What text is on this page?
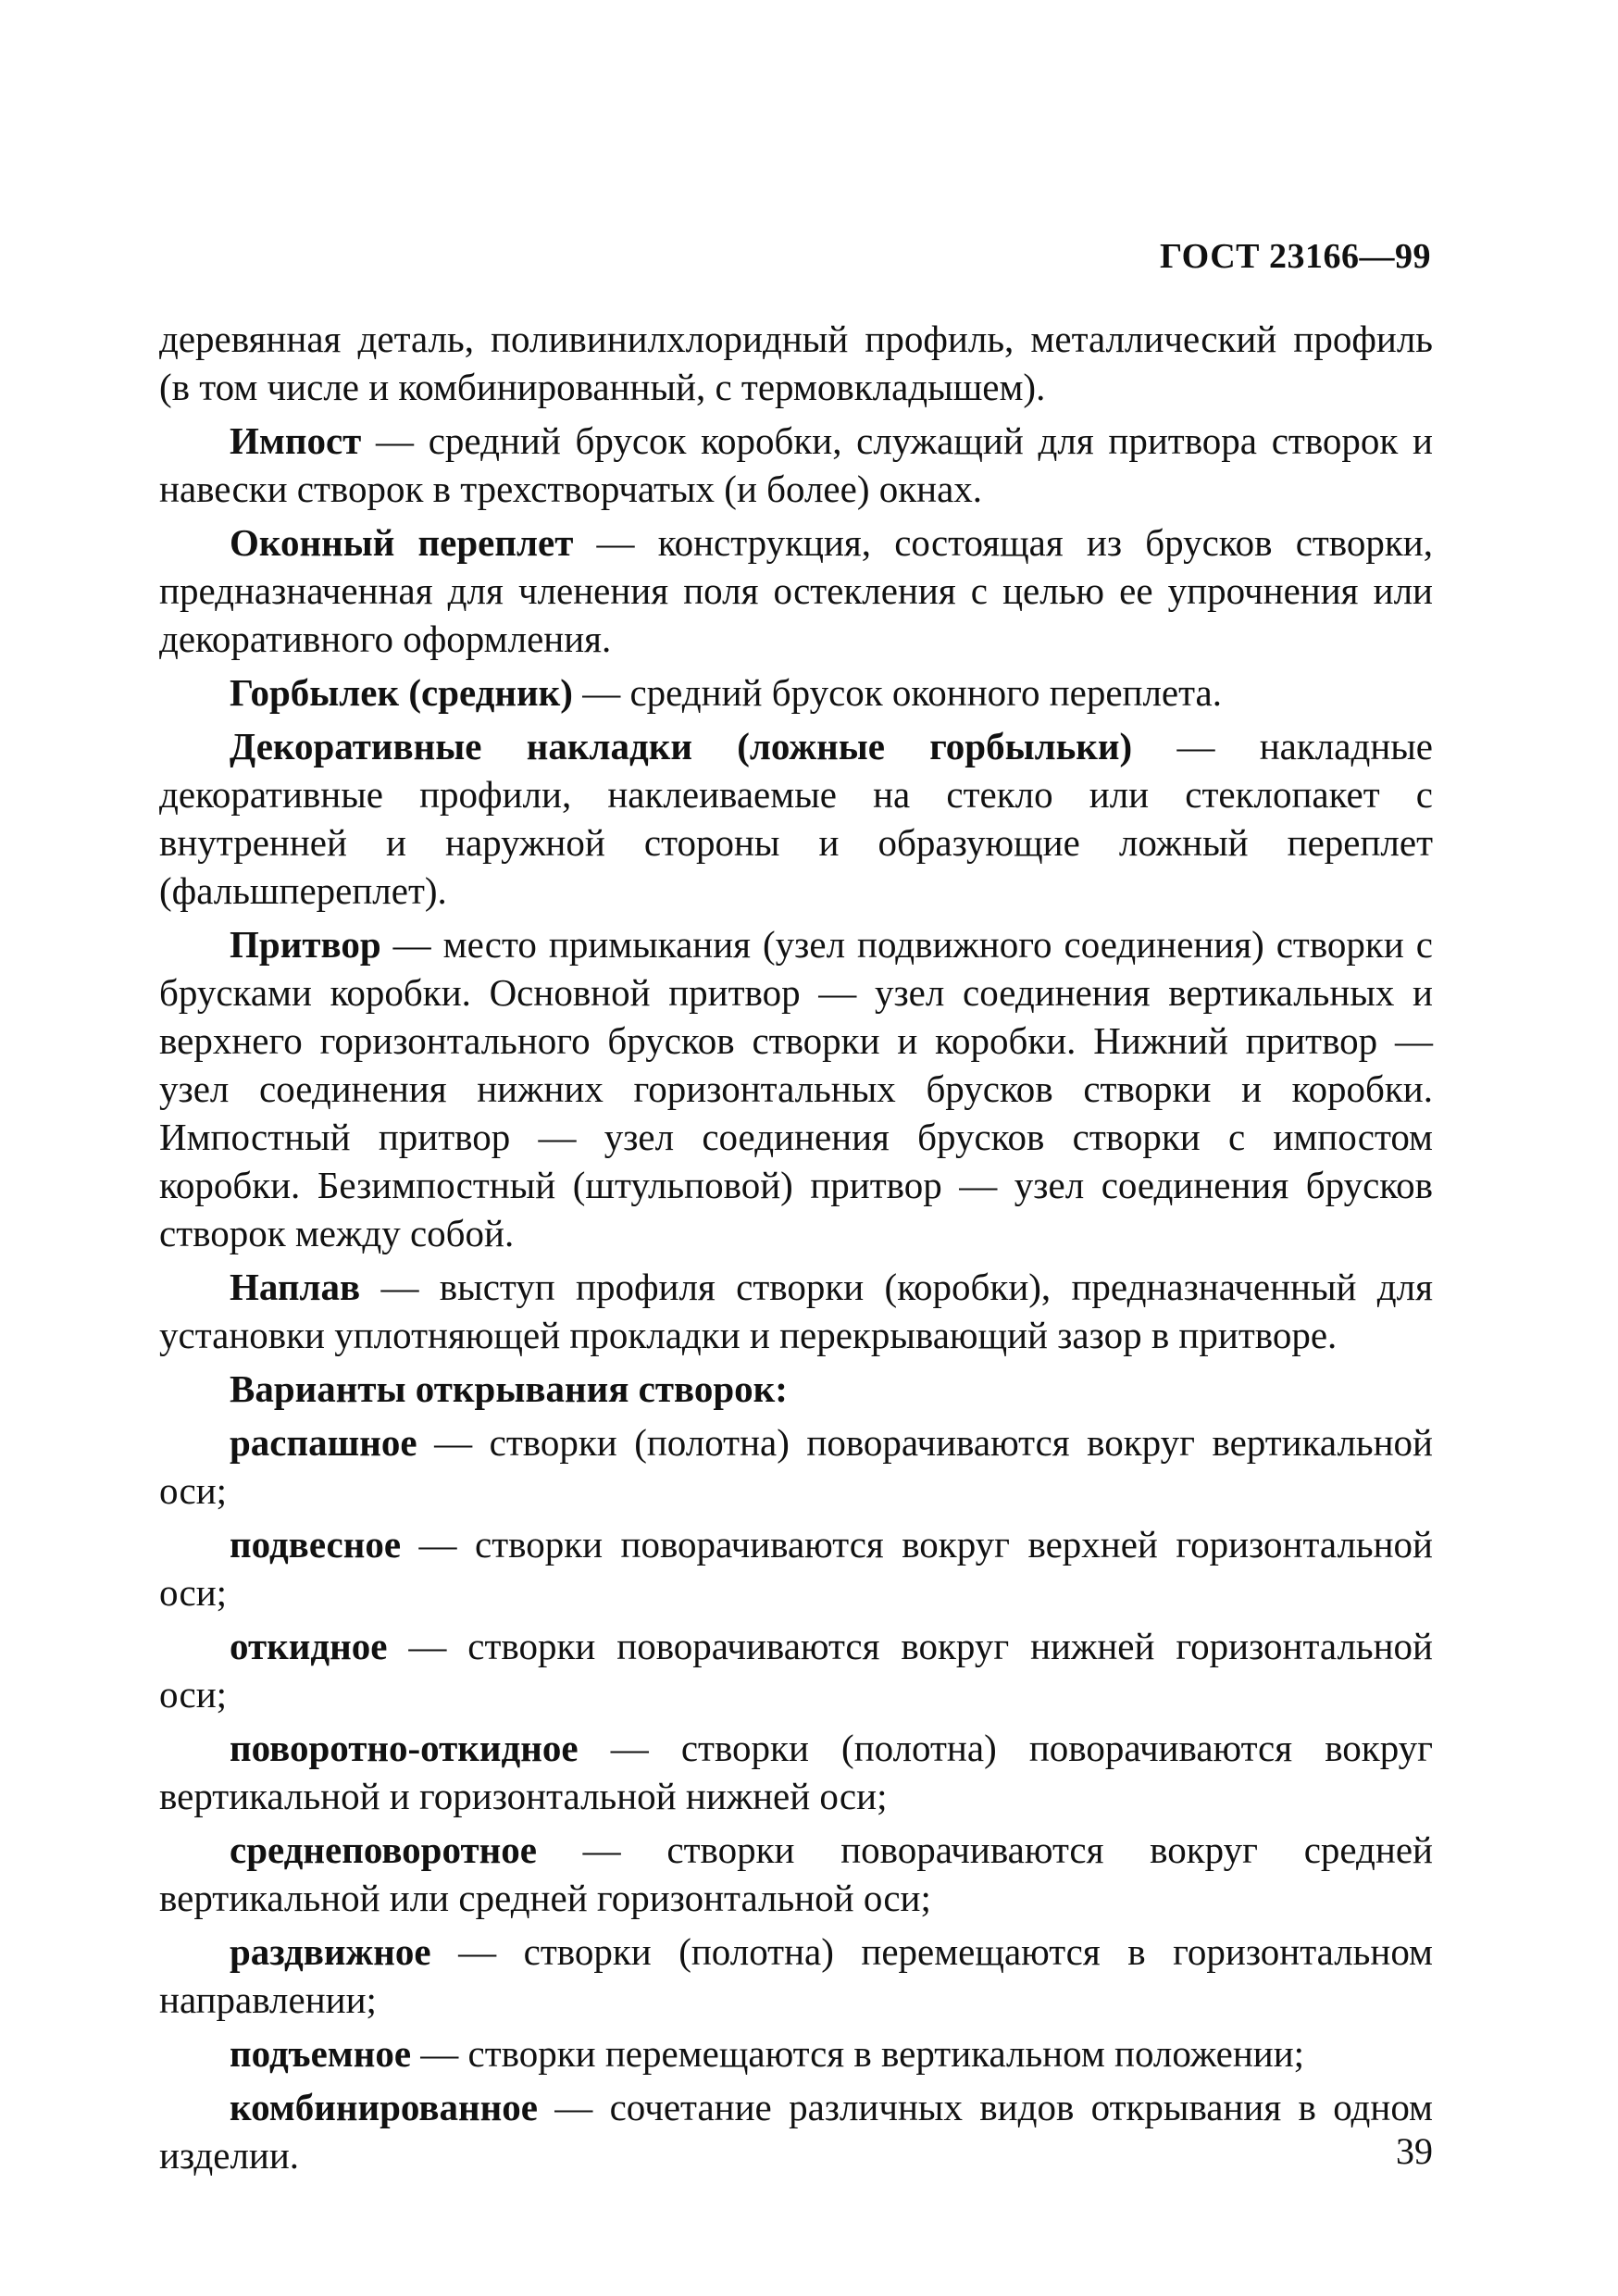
ГОСТ 23166—99

деревянная деталь, поливинилхлоридный профиль, металлический профиль (в том числе и комбинированный, с термовкладышем).

Импост — средний брусок коробки, служащий для притвора створок и навески створок в трехстворчатых (и более) окнах.

Оконный переплет — конструкция, состоящая из брусков створки, предназначенная для членения поля остекления с целью ее упрочнения или декоративного оформления.

Горбылек (средник) — средний брусок оконного переплета.

Декоративные накладки (ложные горбыльки) — накладные декоративные профили, наклеиваемые на стекло или стеклопакет с внутренней и наружной стороны и образующие ложный переплет (фальшпереплет).

Притвор — место примыкания (узел подвижного соединения) створки с брусками коробки. Основной притвор — узел соединения вертикальных и верхнего горизонтального брусков створки и коробки. Нижний притвор — узел соединения нижних горизонтальных брусков створки и коробки. Импостный притвор — узел соединения брусков створки с импостом коробки. Безимпостный (штульповой) притвор — узел соединения брусков створок между собой.

Наплав — выступ профиля створки (коробки), предназначенный для установки уплотняющей прокладки и перекрывающий зазор в притворе.

Варианты открывания створок:

распашное — створки (полотна) поворачиваются вокруг вертикальной оси;

подвесное — створки поворачиваются вокруг верхней горизонтальной оси;

откидное — створки поворачиваются вокруг нижней горизонтальной оси;

поворотно-откидное — створки (полотна) поворачиваются вокруг вертикальной и горизонтальной нижней оси;

среднеповоротное — створки поворачиваются вокруг средней вертикальной или средней горизонтальной оси;

раздвижное — створки (полотна) перемещаются в горизонтальном направлении;

подъемное — створки перемещаются в вертикальном положении;

комбинированное — сочетание различных видов открывания в одном изделии.	39
